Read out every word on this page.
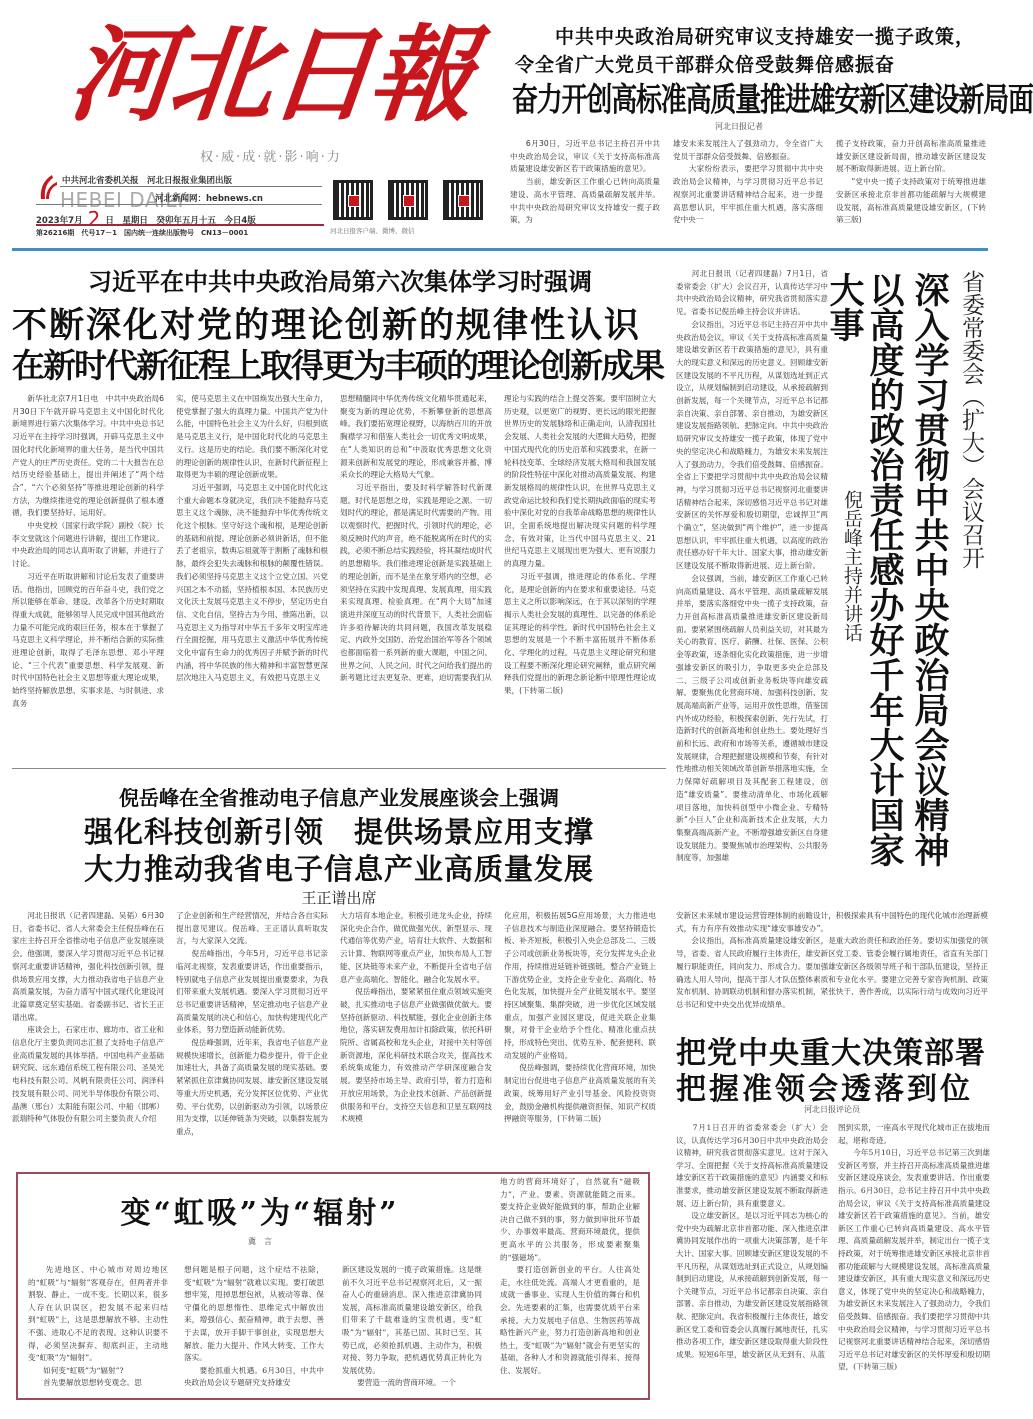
河北日報
权·威·成·就·影·响·力
中共河北省委机关报　河北日报报业集团出版
HEBEI DAILY
河北新闻网：hebnews.cn
2023年7月 2 日　星期日　癸卯年五月十五　今日4版
第26216期　代号17－1　国内统一连续出版物号　CN13－0001	河北日报客户端、微博、微信
中共中央政治局研究审议支持雄安一揽子政策，
令全省广大党员干部群众倍受鼓舞倍感振奋
奋力开创高标准高质量推进雄安新区建设新局面
河北日报记者
　　6月30日，习近平总书记主持召开中共中央政治局会议，审议《关于支持高标准高质量建设雄安新区若干政策措施的意见》。
　　当前，雄安新区工作重心已转向高质量建设、高水平管理、高质量疏解发展并举。中共中央政治局研究审议支持雄安一揽子政策，为
雄安未来发展注入了强劲动力，令全省广大党员干部群众倍受鼓舞、倍感振奋。
　　大家纷纷表示，要把学习贯彻中共中央政治局会议精神，与学习贯彻习近平总书记视察河北重要讲话精神结合起来，进一步提高思想认识，牢牢抓住重大机遇，落实落细党中央一
揽子支持政策，奋力开创高标准高质量推进雄安新区建设新局面，推动雄安新区建设发展不断取得新进展、迈上新台阶。
　　“党中央一揽子支持政策对于统筹推进雄安新区承接北京非首都功能疏解与大规模建设发展，高标准高质量建设雄安新区，(下转第三版)
习近平在中共中央政治局第六次集体学习时强调
不断深化对党的理论创新的规律性认识
在新时代新征程上取得更为丰硕的理论创新成果
　　新华社北京7月1日电　中共中央政治局6月30日下午就开辟马克思主义中国化时代化新境界进行第六次集体学习。中共中央总书记习近平在主持学习时强调，开辟马克思主义中国化时代化新境界的重大任务，是当代中国共产党人的庄严历史责任。党的二十大报告在总结历史经验基础上，提出并阐述了“两个结合”、“六个必须坚持”等推进理论创新的科学方法，为继续推进党的理论创新提供了根本遵循，我们要坚持好、运用好。
　　中央党校（国家行政学院）副校（院）长李文堂就这个问题进行讲解，提出工作建议。中央政治局的同志认真听取了讲解，并进行了讨论。
　　习近平在听取讲解和讨论后发表了重要讲话。他指出，回顾党的百年奋斗史，我们党之所以能够在革命、建设、改革各个历史时期取得重大成就，能够领导人民完成中国其他政治力量不可能完成的艰巨任务，根本在于掌握了马克思主义科学理论，并不断结合新的实际推进理论创新，取得了毛泽东思想、邓小平理论、“三个代表”重要思想、科学发展观、新时代中国特色社会主义思想等重大理论成果，始终坚持解放思想、实事求是、与时俱进、求真务
实，使马克思主义在中国焕发出强大生命力，使党掌握了强大的真理力量。中国共产党为什么能，中国特色社会主义为什么好，归根到底是马克思主义行，是中国化时代化的马克思主义行。这是历史的结论。我们要不断深化对党的理论创新的规律性认识，在新时代新征程上取得更为丰硕的理论创新成果。
　　习近平强调，马克思主义中国化时代化这个重大命题本身就决定，我们决不能抛弃马克思主义这个魂脉，决不能抛弃中华优秀传统文化这个根脉。坚守好这个魂和根，是理论创新的基础和前提。理论创新必须讲新话，但不能丢了老祖宗，数典忘祖就等于割断了魂脉和根脉，最终会犯失去魂脉和根脉的颠覆性错误。我们必须坚持马克思主义这个立党立国、兴党兴国之本不动摇，坚持植根本国、本民族历史文化沃土发展马克思主义不停步，坚定历史自信、文化自信，坚持古为今用、推陈出新，以马克思主义为指导对中华五千多年文明宝库进行全面挖掘，用马克思主义激活中华优秀传统文化中富有生命力的优秀因子并赋予新的时代内涵，将中华民族的伟大精神和丰富智慧更深层次地注入马克思主义，有效把马克思主义
思想精髓同中华优秀传统文化精华贯通起来，聚变为新的理论优势，不断攀登新的思想高峰。我们要拓宽理论视野，以海纳百川的开放胸襟学习和借鉴人类社会一切优秀文明成果，在“人类知识的总和”中汲取优秀思想文化资源来创新和发展党的理论，形成兼容并蓄、博采众长的理论大格局大气象。
　　习近平指出，要及时科学解答时代新课题。时代是思想之母，实践是理论之源。一切划时代的理论，都是满足时代需要的产物。用以观察时代、把握时代、引领时代的理论，必须反映时代的声音，绝不能脱离所在时代的实践，必须不断总结实践经验，将其凝结成时代的思想精华。我们推进理论创新是实践基础上的理论创新，而不是坐在象牙塔内的空想，必须坚持在实践中发现真理、发展真理，用实践来实现真理、检验真理。在“两个大局”加速演进并深度互动的时代背景下，人类社会面临许多亟待解决的共同问题，我国改革发展稳定、内政外交国防、治党治国治军等各个领域也都面临着一系列新的重大课题，中国之问、世界之问、人民之问、时代之问给我们提出的新考题比过去更复杂、更难，迫切需要我们从
理论与实践的结合上提交答案。要牢固树立大历史观，以更宽广的视野、更长远的眼光把握世界历史的发展脉络和正确走向，认清我国社会发展、人类社会发展的大逻辑大趋势，把握中国式现代化的历史沿革和实践要求，在新一轮科技变革、全球经济发展大格局和我国发展的阶段性特征中深化对推动高质量发展、构建新发展格局的规律性认识，在世界马克思主义政党命运比较和我们党长期执政面临的现实考验中深化对党的自我革命战略思想的规律性认识，全面系统地提出解决现实问题的科学理念、有效对策，让当代中国马克思主义、21世纪马克思主义展现出更为强大、更有说服力的真理力量。
　　习近平强调，推进理论的体系化、学理化，是理论创新的内在要求和重要途径。马克思主义之所以影响深远，在于其以深刻的学理揭示人类社会发展的真理性、以完备的体系论证其理论的科学性。新时代中国特色社会主义思想的发展是一个不断丰富拓展并不断体系化、学理化的过程。马克思主义理论研究和建设工程要不断深化理论研究阐释，重点研究阐释我们党提出的新理念新论断中原理性理论成果，(下转第二版)
　　河北日报讯（记者四建磊）7月1日，省委常委会（扩大）会议召开，认真传达学习中共中央政治局会议精神，研究我省贯彻落实意见。省委书记倪岳峰主持会议并讲话。
　　会议指出，习近平总书记主持召开中共中央政治局会议，审议《关于支持高标准高质量建设雄安新区若干政策措施的意见》，具有重大的现实意义和深远的历史意义。回顾雄安新区建设发展的不平凡历程，从谋划选址到正式设立，从规划编制到启动建设，从承接疏解到创新发展，每一个关键节点，习近平总书记都亲自决策、亲自部署、亲自推动，为雄安新区建设发展指路领航、把脉定向。中共中央政治局研究审议支持雄安一揽子政策，体现了党中央的坚定决心和战略魄力，为雄安未来发展注入了强劲动力，令我们倍受鼓舞、倍感振奋。全省上下要把学习贯彻中共中央政治局会议精神，与学习贯彻习近平总书记视察河北重要讲话精神结合起来，深切感悟习近平总书记对雄安新区的关怀厚爱和殷切期望，忠诚捍卫“两个确立”，坚决做到“两个维护”，进一步提高思想认识，牢牢抓住重大机遇，以高度的政治责任感办好千年大计、国家大事，推动雄安新区建设发展不断取得新进展、迈上新台阶。
　　会议强调，当前，雄安新区工作重心已转向高质量建设、高水平管理、高质量疏解发展并举，要落实落细党中央一揽子支持政策，奋力开创高标准高质量推进雄安新区建设新局面。要紧紧围绕疏解人员利益关切，对其最为关心的教育、医疗、薪酬、社保、医保、公积金等政策，逐条细化实化政策措施，进一步增强雄安新区的吸引力，争取更多央企总部及二、三级子公司或创新业务板块等向雄安疏解。要聚焦优化营商环境、加强科技创新、发展高端高新产业等，运用开放性思维，借鉴国内外成功经验，积极探索创新、先行先试，打造新时代的创新高地和创业热土。要处理好当前和长远、政府和市场等关系，遵循城市建设发展规律，合理把握建设规模和节奏，有针对性地推动相关领域改革创新举措落地实施，全力保障好疏解项目及其配套工程建设，创造“雄安质量”。要推动清单化、市场化疏解项目落地，加快科创型中小微企业、专精特新“小巨人”企业和高新技术企业发展，大力集聚高端高新产业，不断增强雄安新区自身建设发展能力。要聚焦城市治理架构、公共服务制度等，加强雄	以高度的政治责任感办好千年大计国家大事	深入学习贯彻中共中央政治局会议精神 省委常委会（扩大）会议召开
倪岳峰主持并讲话
安新区未来城市建设运营管理体制的前瞻设计，积极探索具有中国特色的现代化城市治理新模式，有力有序有效推动实现“雄安事雄安办”。
　　会议指出，高标准高质量建设雄安新区，是重大政治责任和政治任务。要切实加强党的领导，省委、省人民政府履行主体责任，雄安新区党工委、管委会履行属地责任，省直有关部门履行职能责任，同向发力、形成合力。要加强雄安新区各级领导班子和干部队伍建设，坚持正确选人用人导向，提高干部人才队伍整体素质和专业化水平。要建立完善专家咨询机制、政策发布机制、协调联动机制和督办落实机制，紧张快干、善作善成，以实际行动与成效向习近平总书记和党中央交出优异成绩单。
倪岳峰在全省推动电子信息产业发展座谈会上强调
强化科技创新引领　提供场景应用支撑
大力推动我省电子信息产业高质量发展
王正谱出席
　　河北日报讯（记者四建磊、吴韬）6月30日，省委书记、省人大常委会主任倪岳峰在石家庄主持召开全省推动电子信息产业发展座谈会。他强调，要深入学习贯彻习近平总书记视察河北重要讲话精神，强化科技创新引领，提供场景应用支撑，大力推动我省电子信息产业高质量发展，为奋力谱写中国式现代化建设河北篇章奠定坚实基础。省委副书记、省长王正谱出席。
　　座谈会上，石家庄市、廊坊市、省工业和信息化厅主要负责同志汇报了支持电子信息产业高质量发展的具体举措。中国电科产业基础研究院、远东通信系统工程有限公司、圣昊光电科技有限公司、风帆有限责任公司、润泽科技发展有限公司、同光半导体股份有限公司、晶澳（邢台）太阳能有限公司、中船（邯郸）派瑞特种气体股份有限公司主要负责人介绍
了企业创新和生产经营情况，并结合各自实际提出意见建议。倪岳峰、王正谱认真听取发言，与大家深入交流。
　　倪岳峰指出，今年5月，习近平总书记亲临河北视察，发表重要讲话，作出重要指示，特别就电子信息产业发展提出重要要求，为我们带来重大发展机遇。要深入学习贯彻习近平总书记重要讲话精神，坚定推动电子信息产业高质量发展的决心和信心，加快构建现代化产业体系，努力塑造新动能新优势。
　　倪岳峰强调，近年来，我省电子信息产业规模快速增长，创新能力稳步提升，骨干企业加速壮大，具备了高质量发展的现实基础。要紧紧抓住京津冀协同发展、雄安新区建设发展等重大历史机遇，充分发挥区位优势、产业优势、平台优势，以创新驱动为引领，以场景应用为支撑，以延伸链条为突破，以集群发展为重点，
大力培育本地企业，积极引进龙头企业，持续深化央企合作，做优做强光伏、新型显示、现代通信等优势产业，培育壮大软件、大数据和云计算、物联网等重点产业，加快布局人工智能、区块链等未来产业，不断提升全省电子信息产业高端化、智能化、融合化发展水平。
　　倪岳峰指出，要紧紧扭住重点领域实施突破，扎实推动电子信息产业做强做优做大。要坚持创新驱动、科技赋能，强化企业创新主体地位，落实研发费用加计扣除政策，依托科研院所、省属高校和龙头企业，对接中关村等创新资源地，深化科研技术联合攻关，提高技术系统集成能力，有效推动产学研深度融合发展。要坚持市场主导、政府引导，着力打造和开放应用场景，为企业技术创新、产品创新提供服务和平台，支持空天信息和卫星互联网技术规模
化应用，积极拓展5G应用场景，大力推进电子信息技术与制造业深度融合。要坚持锻造长板、补齐短板，积极引入央企总部及二、三级子公司或创新业务板块等，充分发挥龙头企业作用，持续推进延链补链强链，整合产业链上下游优势企业，支持企业专业化、高端化、特色化发展，加快提升全产业链发展水平。要坚持区域聚集、集群突破，进一步优化区域发展重点，加强产业园区建设，促进关联企业集聚，对骨干企业给予个性化、精准化重点扶持，形成特色突出、优势互补、配套便利、联动发展的产业格局。
　　倪岳峰强调，要持续优化营商环境，加快制定出台促进电子信息产业高质量发展的有关政策，统筹用好产业引导基金、风险投资资金，鼓励金融机构提供融资担保、知识产权质押融资等服务，(下转第二版)
变“虹吸”为“辐射”
冀　言
　　先进地区、中心城市对周边地区的“虹吸”与“辐射”客观存在，但两者并非割裂、静止、一成不变。长期以来，很多人存在认识误区，把发展不起来归结到“虹吸”上，这是思想解放不够、主动性不强、进取心不足的表现。这种认识要不得，必须坚决摒弃、彻底纠正，主动地变“虹吸”为“辐射”。
　　如何变“虹吸”为“辐射”?
　　首先要解放思想转变观念。思
想问题是根子问题，这个症结不祛除，变“虹吸”为“辐射”就难以实现。要打破思想牢笼，甩掉思想包袱，从被动等靠、保守僵化的思想惰性、思维定式中解放出来，增强信心、振奋精神，敢于去想、善于去谋，放开手脚干事创业，实现思想大解放、能力大提升、作风大转变、工作大落实。
　　要抢抓重大机遇。6月30日，中共中央政治局会议专题研究支持雄安
新区建设发展的一揽子政策措施。这是继前不久习近平总书记视察河北后，又一振奋人心的重磅消息。深入推进京津冀协同发展，高标准高质量建设雄安新区，给我们带来了千载难逢的宝贵机遇。变“虹吸”为“辐射”，其基已固、其时已至、其势已成，必须抢抓机遇、主动作为，积极对接、努力争取，把机遇优势真正转化为发展优势。
　　要营造一流的营商环境。一个
地方的营商环境好了，自然就有“磁吸力”，产业、要素、资源就能随之而来。要支持企业做好能做到的事，帮助企业解决自己做不到的事，努力做到审批环节最少、办事效率最高、营商环境最优，提供更高水平的公共服务，形成要素聚集的“强磁场”。
　　要打造创新创业的平台。人往高处走，水往低处流。高端人才更看重的，是成就一番事业、实现人生价值的舞台和机会。先进要素的汇集，也需要优质平台来承接。大力发展电子信息、生物医药等战略性新兴产业，努力打造创新高地和创业热土，变“虹吸”为“辐射”就会有更坚实的基础，各种人才和资源就能引得来、接得住、发展好。
把党中央重大决策部署
把握准领会透落到位
河北日报评论员
　　7月1日召开的省委常委会（扩大）会议，认真传达学习6月30日中共中央政治局会议精神，研究我省贯彻落实意见。这对于深入学习、全面把握《关于支持高标准高质量建设雄安新区若干政策措施的意见》内涵要义和标准要求，推动雄安新区建设发展不断取得新进展、迈上新台阶，具有重要意义。
　　设立雄安新区，是以习近平同志为核心的党中央为疏解北京非首都功能、深入推进京津冀协同发展作出的一项重大决策部署，是千年大计、国家大事。回顾雄安新区建设发展的不平凡历程，从谋划选址到正式设立，从规划编制到启动建设，从承接疏解到创新发展，每一个关键节点，习近平总书记都亲自决策、亲自部署、亲自推动，为雄安新区建设发展指路领航、把脉定向。我省积极履行主体责任，雄安新区党工委和管委会认真履行属地责任，扎实推动各项工作，雄安新区建设取得重大阶段性成果。短短6年里，雄安新区从无到有、从蓝
图到实景，一座高水平现代化城市正在拔地而起，堪称奇迹。
　　今年5月10日，习近平总书记第三次到雄安新区考察，并主持召开高标准高质量推进雄安新区建设座谈会，发表重要讲话、作出重要指示。6月30日，总书记主持召开中共中央政治局会议，审议《关于支持高标准高质量建设雄安新区若干政策措施的意见》。当前，雄安新区工作重心已转向高质量建设、高水平管理、高质量疏解发展并举，制定出台一揽子支持政策，对于统筹推进雄安新区承接北京非首都功能疏解与大规模建设发展，高标准高质量建设雄安新区，具有重大现实意义和深远历史意义，体现了党中央的坚定决心和战略魄力，为雄安新区未来发展注入了强劲动力，令我们倍受鼓舞、倍感振奋。我们要把学习贯彻中共中央政治局会议精神，与学习贯彻习近平总书记视察河北重要讲话精神结合起来，深切感悟习近平总书记对雄安新区的关怀厚爱和殷切期望，(下转第三版)
